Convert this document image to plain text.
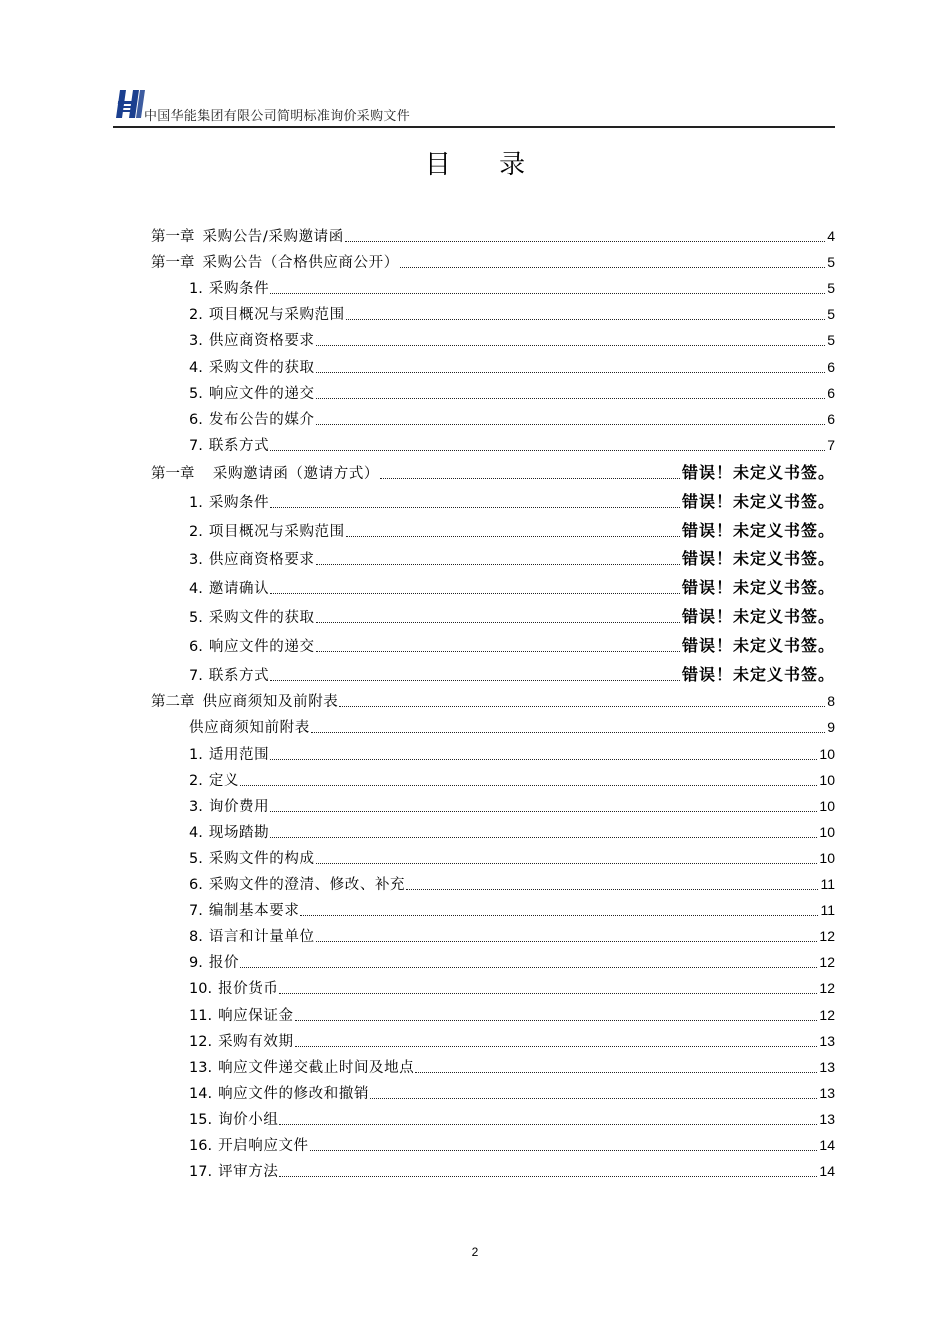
中国华能集团有限公司简明标准询价采购文件
目 录
第一章 采购公告/采购邀请函	4
第一章 采购公告（合格供应商公开）	5
1. 采购条件	5
2. 项目概况与采购范围	5
3. 供应商资格要求	5
4. 采购文件的获取	6
5. 响应文件的递交	6
6. 发布公告的媒介	6
7. 联系方式	7
第一章 采购邀请函（邀请方式）	错误！未定义书签。
1. 采购条件	错误！未定义书签。
2. 项目概况与采购范围	错误！未定义书签。
3. 供应商资格要求	错误！未定义书签。
4. 邀请确认	错误！未定义书签。
5. 采购文件的获取	错误！未定义书签。
6. 响应文件的递交	错误！未定义书签。
7. 联系方式	错误！未定义书签。
第二章 供应商须知及前附表	8
供应商须知前附表	9
1. 适用范围	10
2. 定义	10
3. 询价费用	10
4. 现场踏勘	10
5. 采购文件的构成	10
6. 采购文件的澄清、修改、补充	11
7. 编制基本要求	11
8. 语言和计量单位	12
9. 报价	12
10. 报价货币	12
11. 响应保证金	12
12. 采购有效期	13
13. 响应文件递交截止时间及地点	13
14. 响应文件的修改和撤销	13
15. 询价小组	13
16. 开启响应文件	14
17. 评审方法	14
2
